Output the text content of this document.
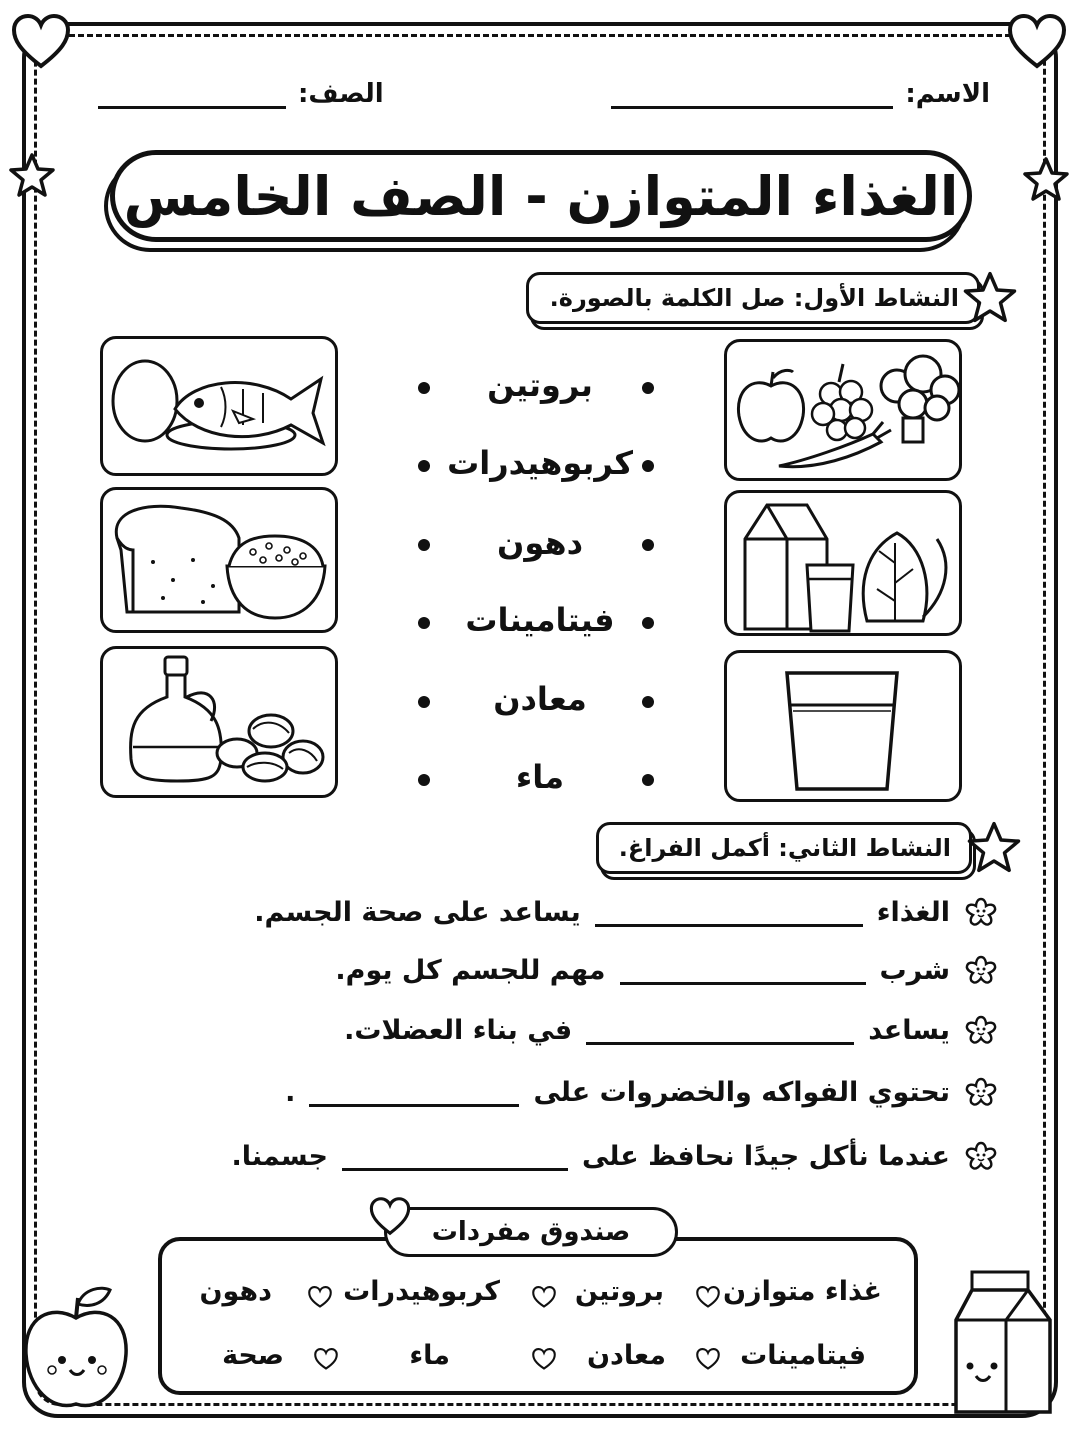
الاسم:
الصف:
الغذاء المتوازن - الصف الخامس
النشاط الأول: صل الكلمة بالصورة.
بروتين
كربوهيدرات
دهون
فيتامينات
معادن
ماء
النشاط الثاني: أكمل الفراغ.
الغذاء
يساعد على صحة الجسم.
شرب
مهم للجسم كل يوم.
يساعد
في بناء العضلات.
تحتوي الفواكه والخضروات على
.
عندما نأكل جيدًا نحافظ على
جسمنا.
صندوق مفردات
غذاء متوازن
بروتين
كربوهيدرات
دهون
فيتامينات
معادن
ماء
صحة
